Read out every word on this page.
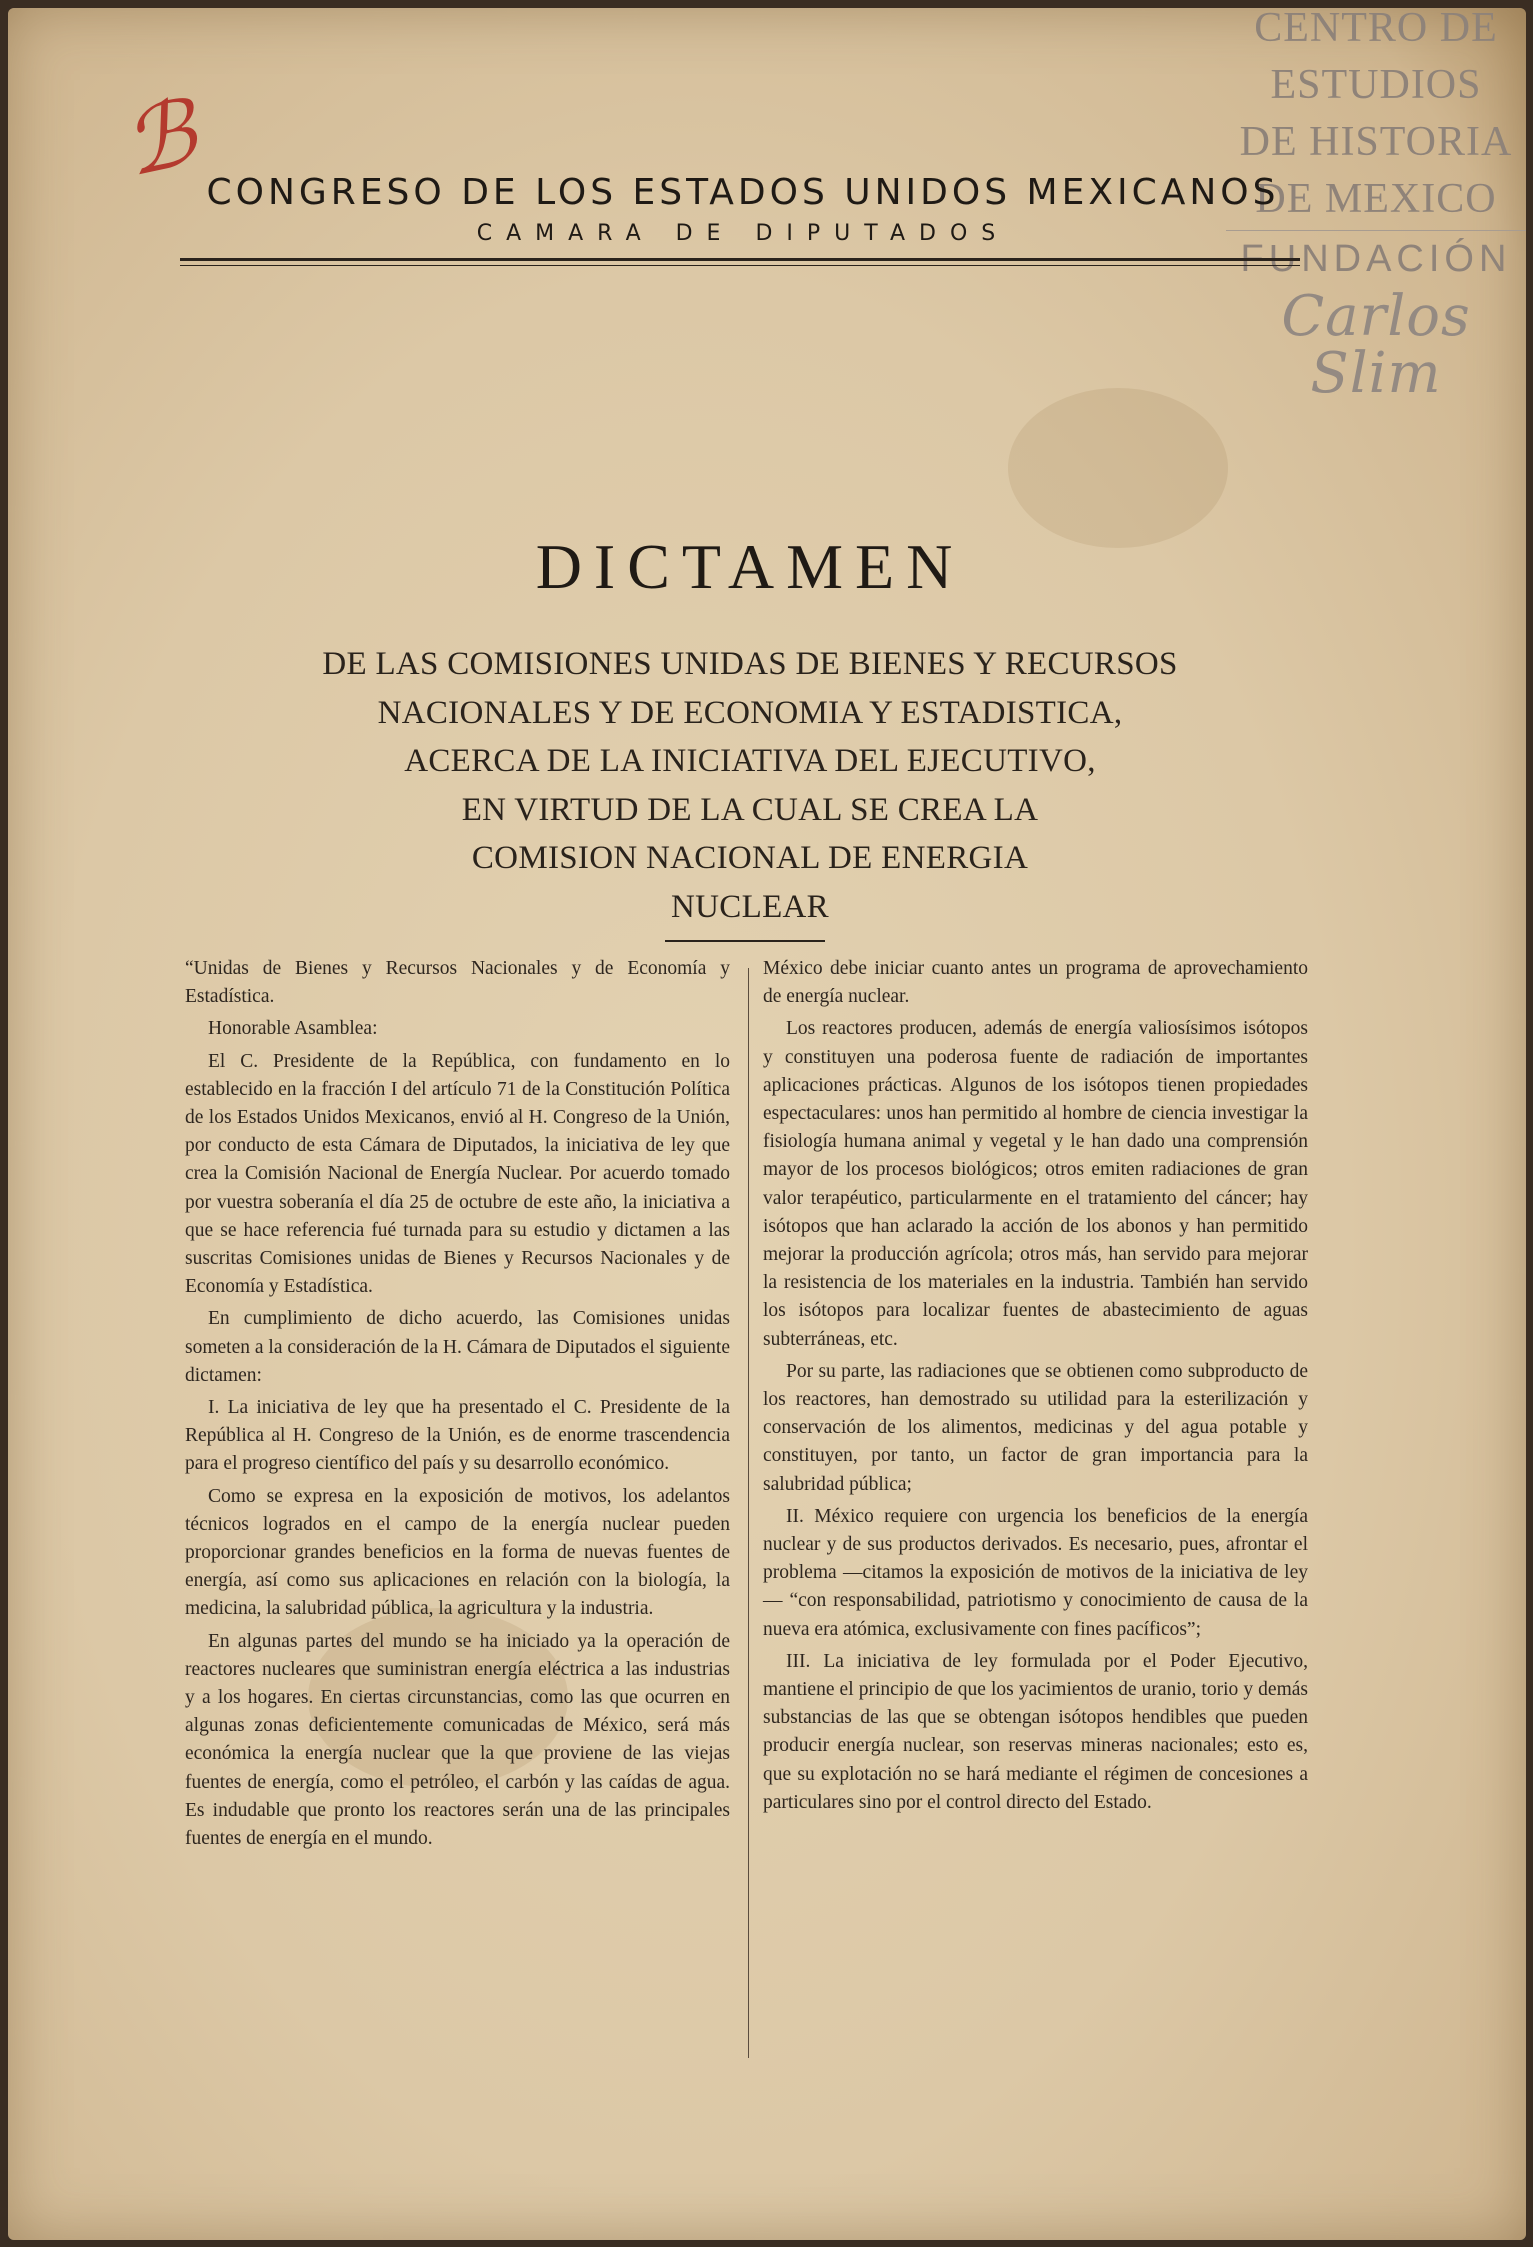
ℬ
CENTRO DE
ESTUDIOS
DE HISTORIA
DE MEXICO
FUNDACIÓN
Carlos Slim
CONGRESO DE LOS ESTADOS UNIDOS MEXICANOS
CAMARA DE DIPUTADOS
DICTAMEN
DE LAS COMISIONES UNIDAS DE BIENES Y RECURSOS
NACIONALES Y DE ECONOMIA Y ESTADISTICA,
ACERCA DE LA INICIATIVA DEL EJECUTIVO,
EN VIRTUD DE LA CUAL SE CREA LA
COMISION NACIONAL DE ENERGIA
NUCLEAR

“Unidas de Bienes y Recursos Nacionales y de Economía y Estadística.

Honorable Asamblea:

El C. Presidente de la República, con fundamento en lo establecido en la fracción I del artículo 71 de la Constitución Política de los Estados Unidos Mexicanos, envió al H. Congreso de la Unión, por conducto de esta Cámara de Diputados, la iniciativa de ley que crea la Comisión Nacional de Energía Nuclear. Por acuerdo tomado por vuestra soberanía el día 25 de octubre de este año, la iniciativa a que se hace referencia fué turnada para su estudio y dictamen a las suscritas Comisiones unidas de Bienes y Recursos Nacionales y de Economía y Estadística.

En cumplimiento de dicho acuerdo, las Comisiones unidas someten a la consideración de la H. Cámara de Diputados el siguiente dictamen:

I. La iniciativa de ley que ha presentado el C. Presidente de la República al H. Congreso de la Unión, es de enorme trascendencia para el progreso científico del país y su desarrollo económico.

Como se expresa en la exposición de motivos, los adelantos técnicos logrados en el campo de la energía nuclear pueden proporcionar grandes beneficios en la forma de nuevas fuentes de energía, así como sus aplicaciones en relación con la biología, la medicina, la salubridad pública, la agricultura y la industria.

En algunas partes del mundo se ha iniciado ya la operación de reactores nucleares que suministran energía eléctrica a las industrias y a los hogares. En ciertas circunstancias, como las que ocurren en algunas zonas deficientemente comunicadas de México, será más económica la energía nuclear que la que proviene de las viejas fuentes de energía, como el petróleo, el carbón y las caídas de agua. Es indudable que pronto los reactores serán una de las principales fuentes de energía en el mundo.

México debe iniciar cuanto antes un programa de aprovechamiento de energía nuclear.

Los reactores producen, además de energía valiosísimos isótopos y constituyen una poderosa fuente de radiación de importantes aplicaciones prácticas. Algunos de los isótopos tienen propiedades espectaculares: unos han permitido al hombre de ciencia investigar la fisiología humana animal y vegetal y le han dado una comprensión mayor de los procesos biológicos; otros emiten radiaciones de gran valor terapéutico, particularmente en el tratamiento del cáncer; hay isótopos que han aclarado la acción de los abonos y han permitido mejorar la producción agrícola; otros más, han servido para mejorar la resistencia de los materiales en la industria. También han servido los isótopos para localizar fuentes de abastecimiento de aguas subterráneas, etc.

Por su parte, las radiaciones que se obtienen como subproducto de los reactores, han demostrado su utilidad para la esterilización y conservación de los alimentos, medicinas y del agua potable y constituyen, por tanto, un factor de gran importancia para la salubridad pública;

II. México requiere con urgencia los beneficios de la energía nuclear y de sus productos derivados. Es necesario, pues, afrontar el problema —citamos la exposición de motivos de la iniciativa de ley— “con responsabilidad, patriotismo y conocimiento de causa de la nueva era atómica, exclusivamente con fines pacíficos”;

III. La iniciativa de ley formulada por el Poder Ejecutivo, mantiene el principio de que los yacimientos de uranio, torio y demás substancias de las que se obtengan isótopos hendibles que pueden producir energía nuclear, son reservas mineras nacionales; esto es, que su explotación no se hará mediante el régimen de concesiones a particulares sino por el control directo del Estado.
